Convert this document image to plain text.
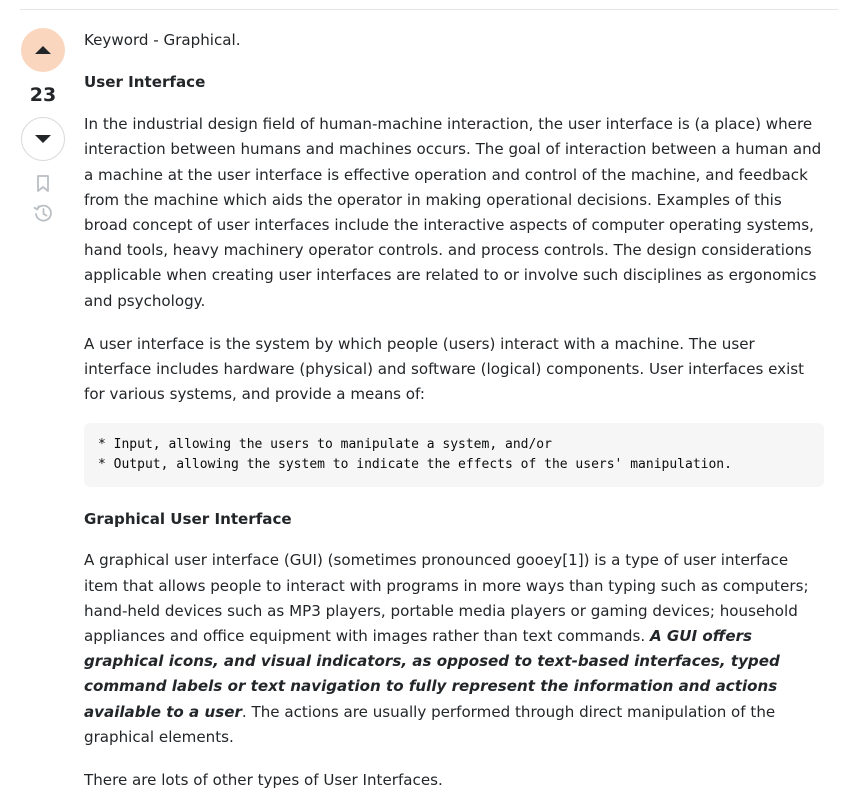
23

Keyword - Graphical.

User Interface

In the industrial design field of human-machine interaction, the user interface is (a place) where interaction between humans and machines occurs. The goal of interaction between a human and a machine at the user interface is effective operation and control of the machine, and feedback from the machine which aids the operator in making operational decisions. Examples of this broad concept of user interfaces include the interactive aspects of computer operating systems, hand tools, heavy machinery operator controls. and process controls. The design considerations applicable when creating user interfaces are related to or involve such disciplines as ergonomics and psychology.

A user interface is the system by which people (users) interact with a machine. The user interface includes hardware (physical) and software (logical) components. User interfaces exist for various systems, and provide a means of:

* Input, allowing the users to manipulate a system, and/or
* Output, allowing the system to indicate the effects of the users' manipulation.
Graphical User Interface

A graphical user interface (GUI) (sometimes pronounced gooey[1]) is a type of user interface item that allows people to interact with programs in more ways than typing such as computers; hand-held devices such as MP3 players, portable media players or gaming devices; household appliances and office equipment with images rather than text commands. A GUI offers graphical icons, and visual indicators, as opposed to text-based interfaces, typed command labels or text navigation to fully represent the information and actions available to a user. The actions are usually performed through direct manipulation of the graphical elements.

There are lots of other types of User Interfaces.
